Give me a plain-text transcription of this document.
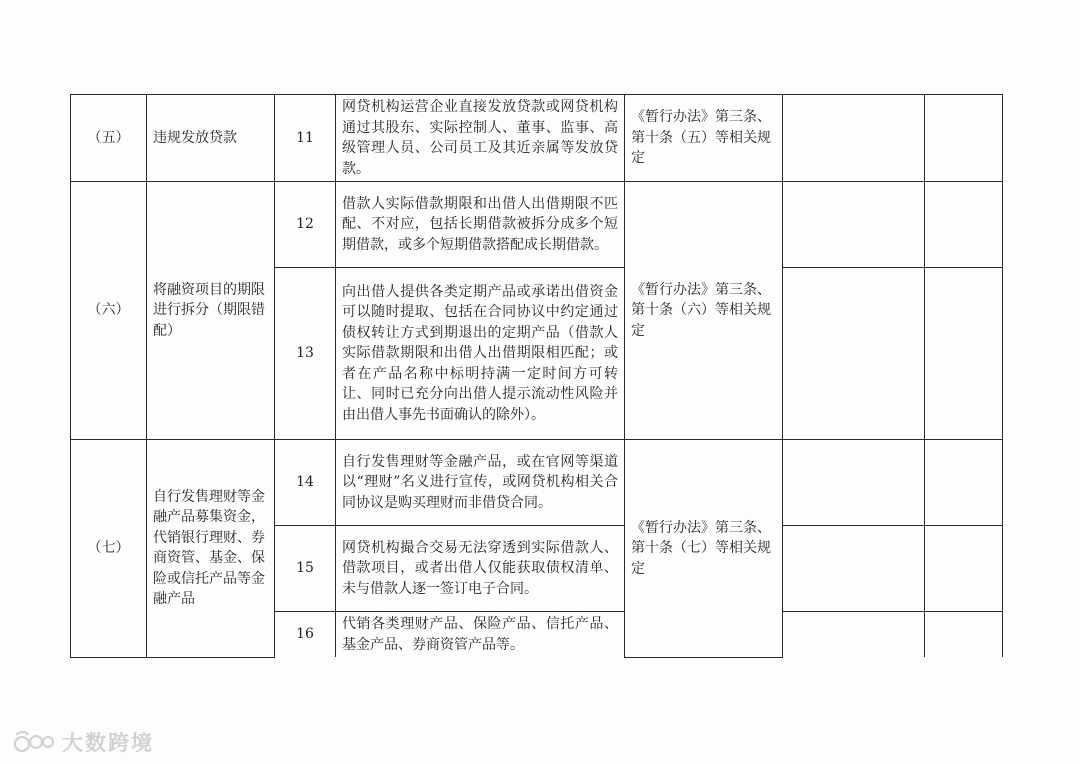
（五）	违规发放贷款	11	网贷机构运营企业直接发放贷款或网贷机构通过其股东、实际控制人、董事、监事、高级管理人员、公司员工及其近亲属等发放贷款。	《暂行办法》第三条、第十条（五）等相关规定		
（六）	将融资项目的期限进行拆分（期限错配）	12	借款人实际借款期限和出借人出借期限不匹配、不对应，包括长期借款被拆分成多个短期借款，或多个短期借款搭配成长期借款。	《暂行办法》第三条、第十条（六）等相关规定		
		13	向出借人提供各类定期产品或承诺出借资金可以随时提取、包括在合同协议中约定通过债权转让方式到期退出的定期产品（借款人实际借款期限和出借人出借期限相匹配；或者在产品名称中标明持满一定时间方可转让、同时已充分向出借人提示流动性风险并由出借人事先书面确认的除外）。			
（七）	自行发售理财等金融产品募集资金，代销银行理财、券商资管、基金、保险或信托产品等金融产品	14	自行发售理财等金融产品，或在官网等渠道以“理财”名义进行宣传，或网贷机构相关合同协议是购买理财而非借贷合同。	《暂行办法》第三条、第十条（七）等相关规定		
		15	网贷机构撮合交易无法穿透到实际借款人、借款项目，或者出借人仅能获取债权清单、未与借款人逐一签订电子合同。			
		16	代销各类理财产品、保险产品、信托产品、基金产品、券商资管产品等。			
大数跨境
